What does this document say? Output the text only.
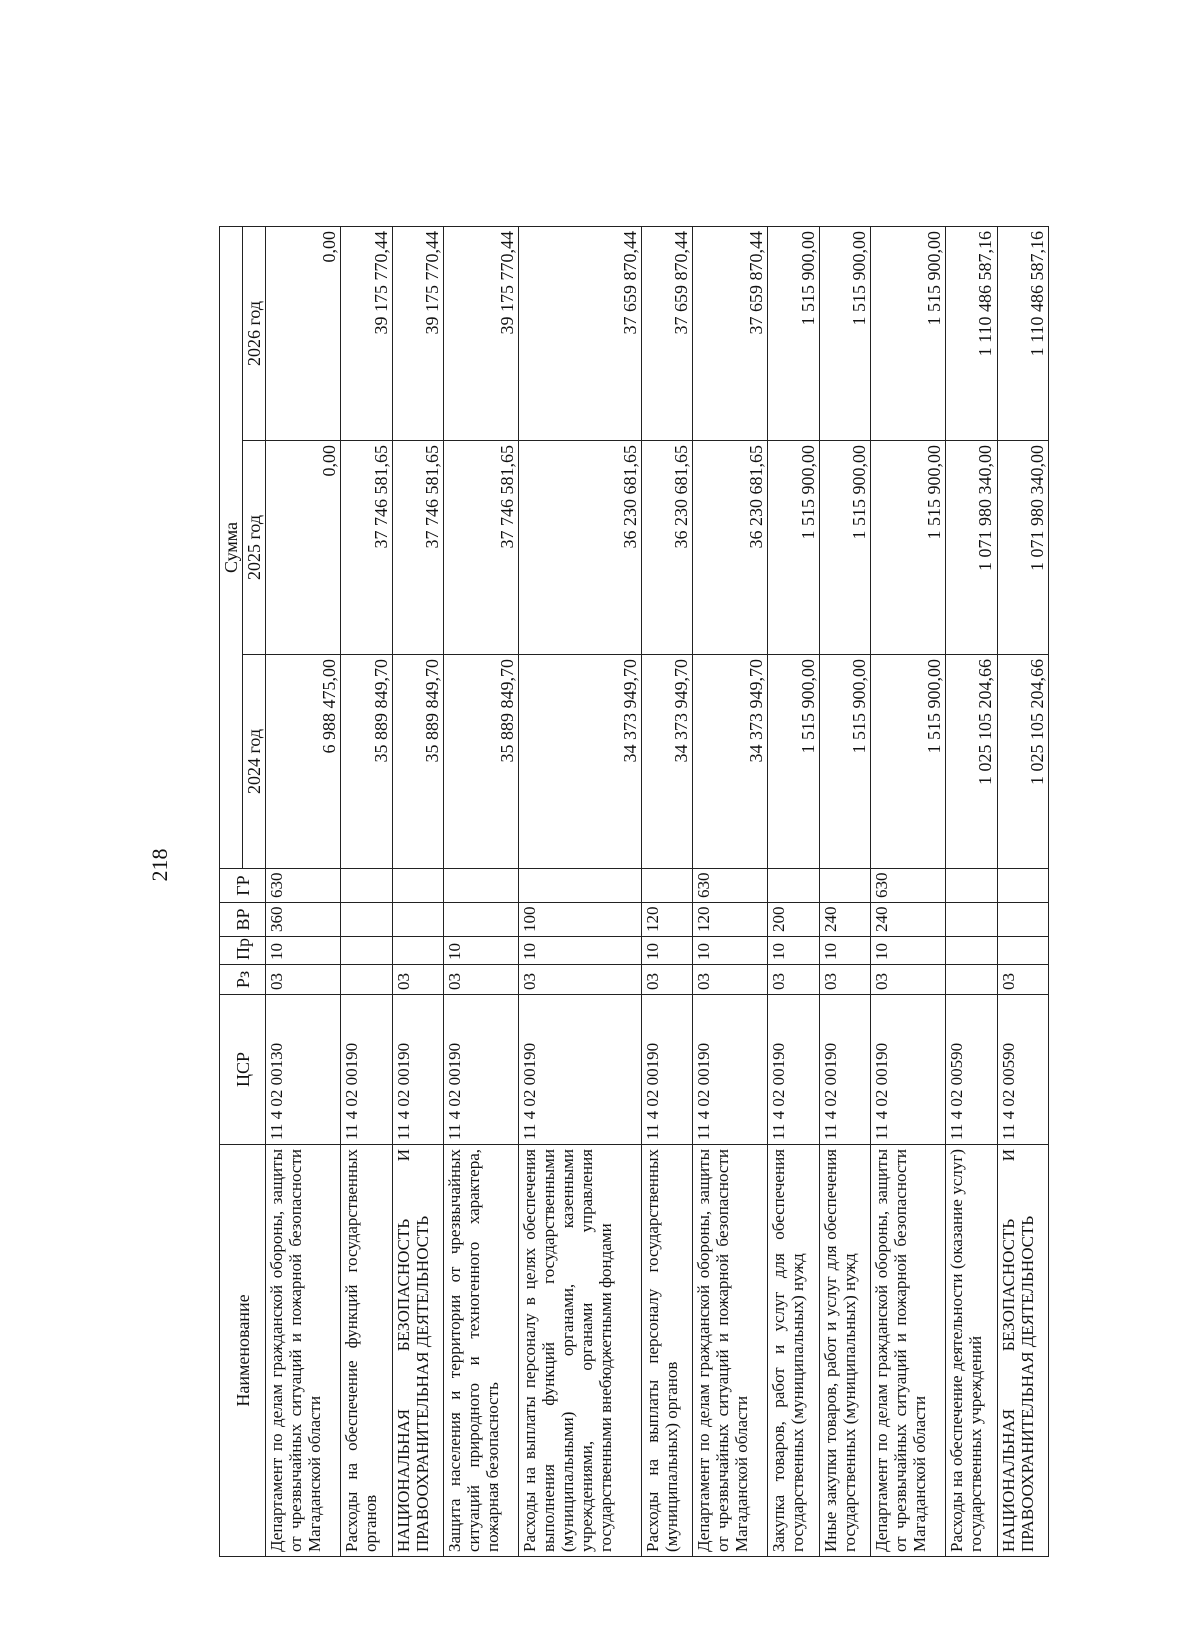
218
Наименование	ЦСР	Рз	Пр	ВР	ГР	Сумма		
						2024 год	2025 год	2026 год
Департамент по делам гражданской обороны, защиты от чрезвычайных ситуаций и пожарной безопасности Магаданской области	11 4 02 00130	03	10	360	630	6 988 475,00	0,00	0,00
Расходы на обеспечение функций государственных органов	11 4 02 00190					35 889 849,70	37 746 581,65	39 175 770,44
НАЦИОНАЛЬНАЯ БЕЗОПАСНОСТЬ И ПРАВООХРАНИТЕЛЬНАЯ ДЕЯТЕЛЬНОСТЬ	11 4 02 00190	03				35 889 849,70	37 746 581,65	39 175 770,44
Защита населения и территории от чрезвычайных ситуаций природного и техногенного характера, пожарная безопасность	11 4 02 00190	03	10			35 889 849,70	37 746 581,65	39 175 770,44
Расходы на выплаты персоналу в целях обеспечения выполнения функций государственными (муниципальными) органами, казенными учреждениями, органами управления государственными внебюджетными фондами	11 4 02 00190	03	10	100		34 373 949,70	36 230 681,65	37 659 870,44
Расходы на выплаты персоналу государственных (муниципальных) органов	11 4 02 00190	03	10	120		34 373 949,70	36 230 681,65	37 659 870,44
Департамент по делам гражданской обороны, защиты от чрезвычайных ситуаций и пожарной безопасности Магаданской области	11 4 02 00190	03	10	120	630	34 373 949,70	36 230 681,65	37 659 870,44
Закупка товаров, работ и услуг для обеспечения государственных (муниципальных) нужд	11 4 02 00190	03	10	200		1 515 900,00	1 515 900,00	1 515 900,00
Иные закупки товаров, работ и услуг для обеспечения государственных (муниципальных) нужд	11 4 02 00190	03	10	240		1 515 900,00	1 515 900,00	1 515 900,00
Департамент по делам гражданской обороны, защиты от чрезвычайных ситуаций и пожарной безопасности Магаданской области	11 4 02 00190	03	10	240	630	1 515 900,00	1 515 900,00	1 515 900,00
Расходы на обеспечение деятельности (оказание услуг) государственных учреждений	11 4 02 00590					1 025 105 204,66	1 071 980 340,00	1 110 486 587,16
НАЦИОНАЛЬНАЯ БЕЗОПАСНОСТЬ И ПРАВООХРАНИТЕЛЬНАЯ ДЕЯТЕЛЬНОСТЬ	11 4 02 00590	03				1 025 105 204,66	1 071 980 340,00	1 110 486 587,16
